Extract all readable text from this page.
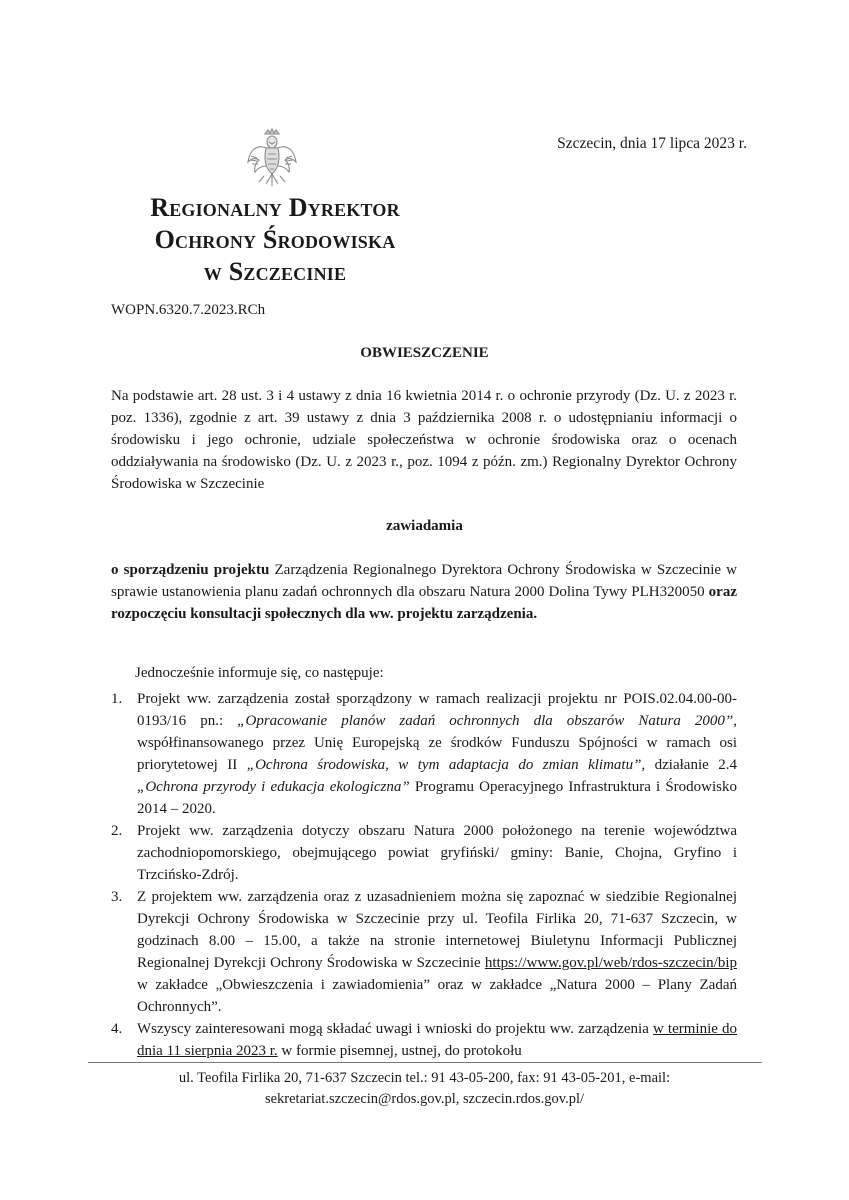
Szczecin, dnia 17 lipca 2023 r.
Regionalny Dyrektor
Ochrony Środowiska
w Szczecinie
WOPN.6320.7.2023.RCh
OBWIESZCZENIE
Na podstawie art. 28 ust. 3 i 4 ustawy z dnia 16 kwietnia 2014 r. o ochronie przyrody (Dz. U. z 2023 r. poz. 1336), zgodnie z art. 39 ustawy z dnia 3 października 2008 r. o udostępnianiu informacji o środowisku i jego ochronie, udziale społeczeństwa w ochronie środowiska oraz o ocenach oddziaływania na środowisko (Dz. U. z 2023 r., poz. 1094 z późn. zm.) Regionalny Dyrektor Ochrony Środowiska w Szczecinie
zawiadamia
o sporządzeniu projektu Zarządzenia Regionalnego Dyrektora Ochrony Środowiska w Szczecinie w sprawie ustanowienia planu zadań ochronnych dla obszaru Natura 2000 Dolina Tywy PLH320050 oraz rozpoczęciu konsultacji społecznych dla ww. projektu zarządzenia.
Jednocześnie informuje się, co następuje:
1. Projekt ww. zarządzenia został sporządzony w ramach realizacji projektu nr POIS.02.04.00-00-0193/16 pn.: „Opracowanie planów zadań ochronnych dla obszarów Natura 2000”, współfinansowanego przez Unię Europejską ze środków Funduszu Spójności w ramach osi priorytetowej II „Ochrona środowiska, w tym adaptacja do zmian klimatu”, działanie 2.4 „Ochrona przyrody i edukacja ekologiczna” Programu Operacyjnego Infrastruktura i Środowisko 2014 – 2020.
2. Projekt ww. zarządzenia dotyczy obszaru Natura 2000 położonego na terenie województwa zachodniopomorskiego, obejmującego powiat gryfiński/ gminy: Banie, Chojna, Gryfino i Trzcińsko-Zdrój.
3. Z projektem ww. zarządzenia oraz z uzasadnieniem można się zapoznać w siedzibie Regionalnej Dyrekcji Ochrony Środowiska w Szczecinie przy ul. Teofila Firlika 20, 71-637 Szczecin, w godzinach 8.00 – 15.00, a także na stronie internetowej Biuletynu Informacji Publicznej Regionalnej Dyrekcji Ochrony Środowiska w Szczecinie https://www.gov.pl/web/rdos-szczecin/bip w zakładce „Obwieszczenia i zawiadomienia” oraz w zakładce „Natura 2000 – Plany Zadań Ochronnych”.
4. Wszyscy zainteresowani mogą składać uwagi i wnioski do projektu ww. zarządzenia w terminie do dnia 11 sierpnia 2023 r. w formie pisemnej, ustnej, do protokołu
ul. Teofila Firlika 20, 71-637 Szczecin tel.: 91 43-05-200, fax: 91 43-05-201, e-mail:
sekretariat.szczecin@rdos.gov.pl, szczecin.rdos.gov.pl/
